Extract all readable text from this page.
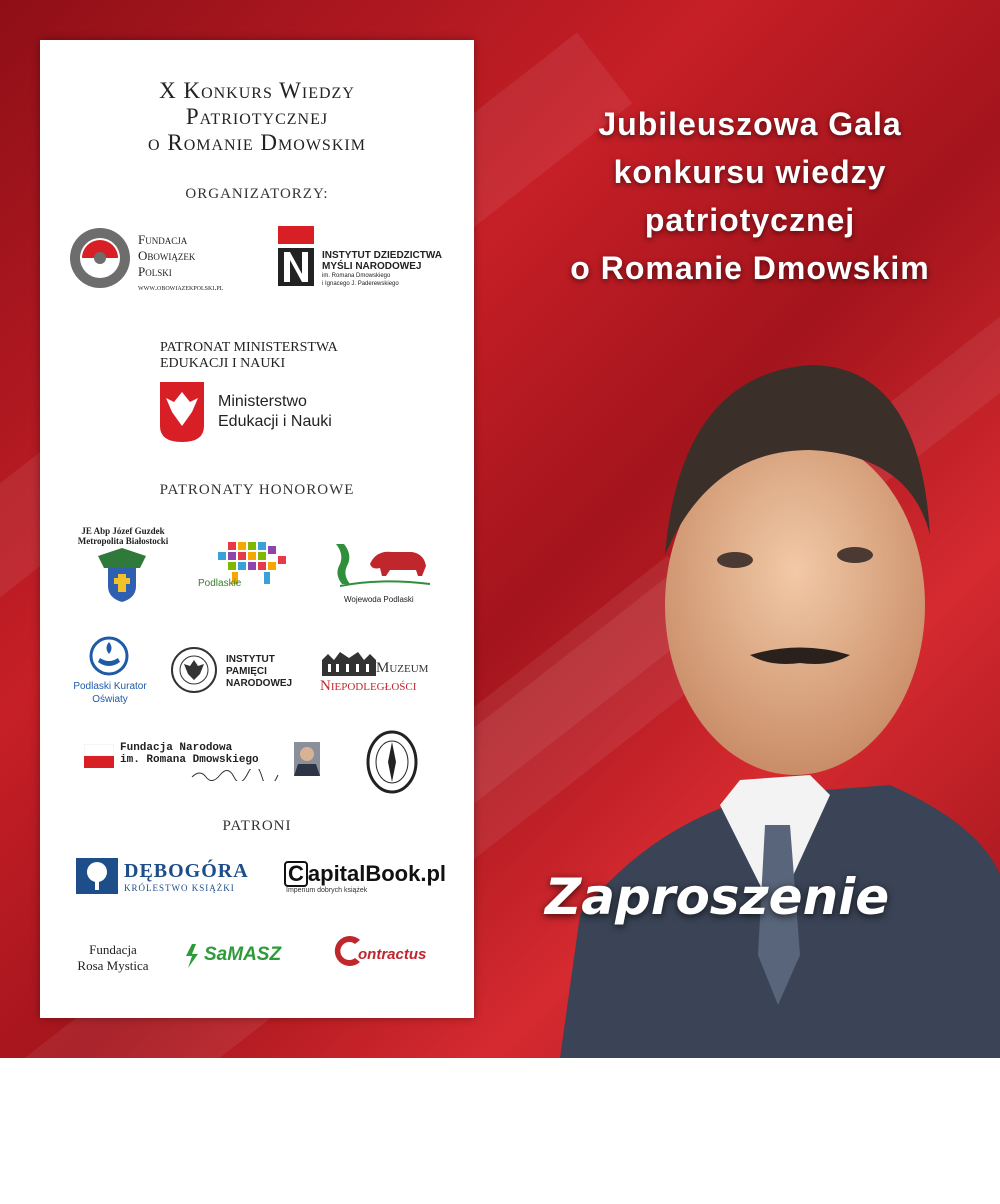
Jubileuszowa Gala
konkursu wiedzy
patriotycznej
o Romanie Dmowskim
Zaproszenie
X Konkurs Wiedzy
Patriotycznej
o Romanie Dmowskim
ORGANIZATORZY:
Fundacja
Obowiązek
Polski
www.obowiazekpolski.pl
INSTYTUT DZIEDZICTWA
MYŚLI NARODOWEJ
im. Romana Dmowskiego
i Ignacego J. Paderewskiego
PATRONAT MINISTERSTWA
EDUKACJI I NAUKI
Ministerstwo
Edukacji i Nauki
PATRONATY HONOROWE
JE Abp Józef Guzdek
Metropolita Białostocki
Podlaskie
Wojewoda Podlaski
Podlaski Kurator
Oświaty
INSTYTUT
PAMIĘCI
NARODOWEJ
Muzeum
Niepodległości
Fundacja Narodowa
im. Romana Dmowskiego
PATRONI
DĘBOGÓRA
KRÓLESTWO KSIĄŻKI
C apitalBook.pl
Imperium dobrych książek
Fundacja
Rosa Mystica
SaMASZ	ontractus
